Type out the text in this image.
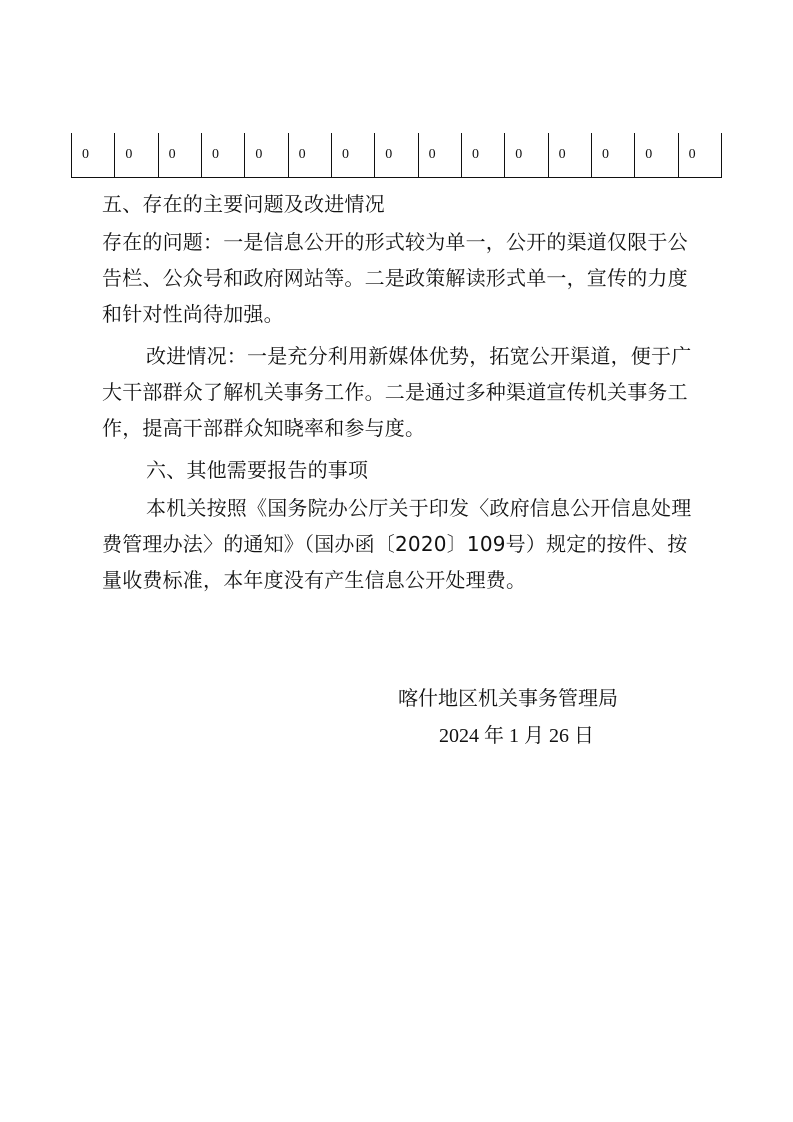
0	0	0	0	0	0	0	0	0	0	0	0	0	0	0

五、存在的主要问题及改进情况

存在的问题：一是信息公开的形式较为单一，公开的渠道仅限于公告栏、公众号和政府网站等。二是政策解读形式单一，宣传的力度和针对性尚待加强。

改进情况：一是充分利用新媒体优势，拓宽公开渠道，便于广大干部群众了解机关事务工作。二是通过多种渠道宣传机关事务工作，提高干部群众知晓率和参与度。

六、其他需要报告的事项

本机关按照《国务院办公厅关于印发〈政府信息公开信息处理费管理办法〉的通知》（国办函〔2020〕109号）规定的按件、按量收费标准，本年度没有产生信息公开处理费。

喀什地区机关事务管理局

2024 年 1 月 26 日
